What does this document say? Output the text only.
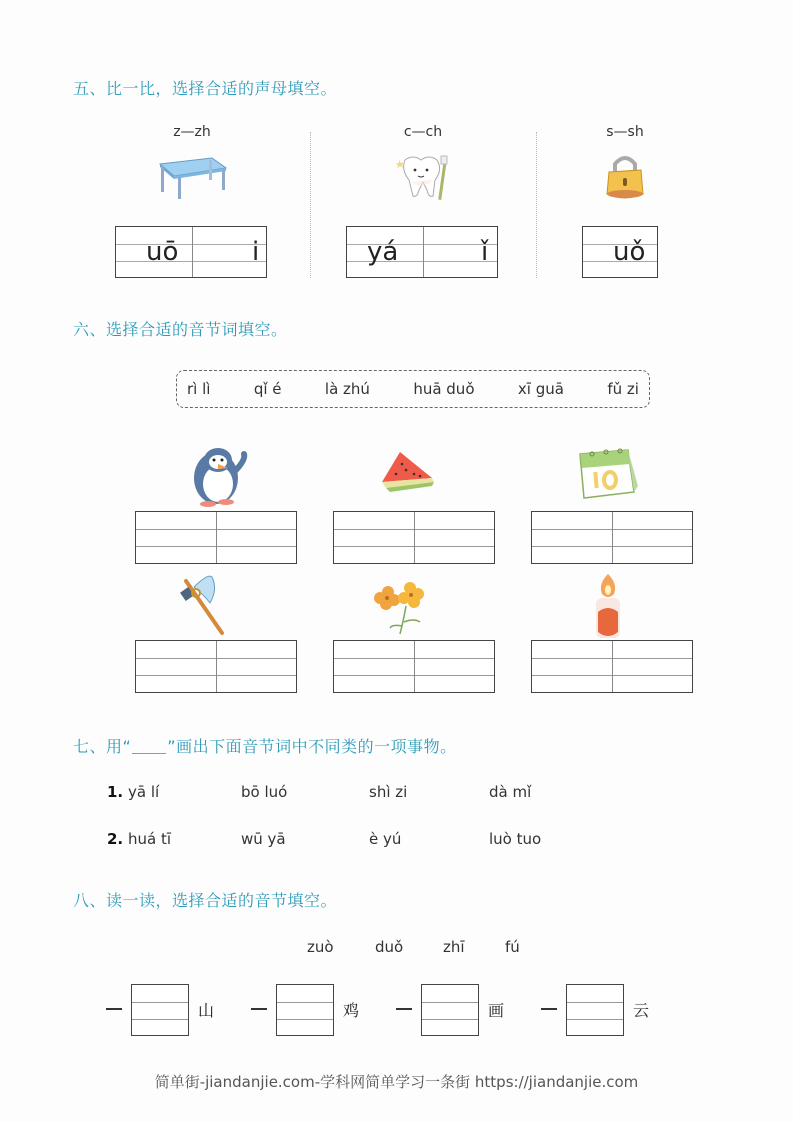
五、比一比，选择合适的声母填空。
z—zh
uō	i
c—ch
yá	ǐ
s—sh
uǒ
六、选择合适的音节词填空。
rì lì	qǐ é	là zhú	huā duǒ	xī guā	fǔ zi
七、用“ ”画出下面音节词中不同类的一项事物。
1. yā lí	bō luó	shì zi	dà mǐ
2. huá tī	wū yā	è yú	luò tuo
八、读一读，选择合适的音节填空。
zuò	duǒ	zhī	fú
山	鸡	画	云
简单街-jiandanjie.com-学科网简单学习一条街 https://jiandanjie.com
